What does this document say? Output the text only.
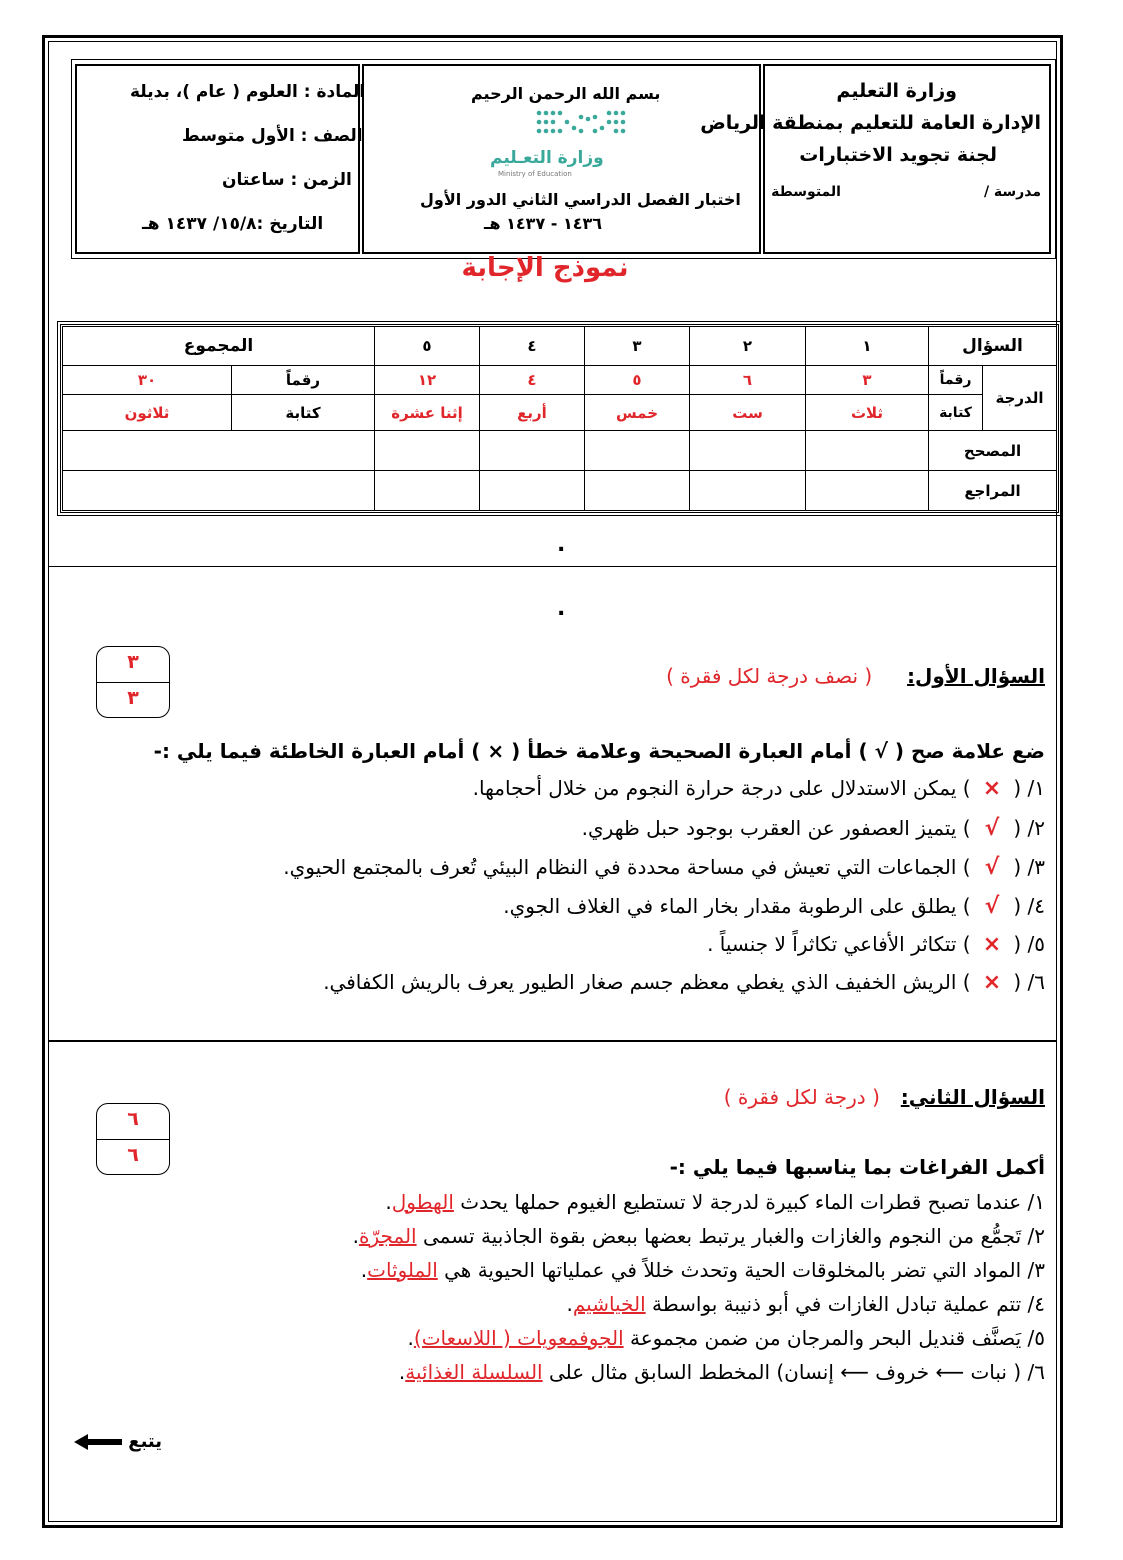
وزارة التعليم
الإدارة العامة للتعليم بمنطقة الرياض
لجنة تجويد الاختبارات
مدرسة /
المتوسطة
بسم الله الرحمن الرحيم
وزارة التعـليم
Ministry of Education
اختبار الفصل الدراسي الثاني الدور الأول
١٤٣٦ - ١٤٣٧ هـ
المادة : العلوم ( عام )، بديلة
الصف : الأول متوسط
الزمن : ساعتان
التاريخ :١٥/٨/ ١٤٣٧ هـ
نموذج الإجابة
السؤال
١
٢
٣
٤
٥
المجموع
الدرجة
رقماً
كتابة
٣
٦
٥
٤
١٢
رقماً
٣٠
ثلاث
ست
خمس
أربع
إثنا عشرة
كتابة
ثلاثون
المصحح
المراجع
.
.
٣
٣
السؤال الأول:     ( نصف درجة لكل فقرة )
ضع علامة صح ( √ ) أمام العبارة الصحيحة وعلامة خطأ ( × ) أمام العبارة الخاطئة فيما يلي :-
١/ ( × ) يمكن الاستدلال على درجة حرارة النجوم من خلال أحجامها.
٢/ ( √ ) يتميز العصفور عن العقرب بوجود حبل ظهري.
٣/ ( √ ) الجماعات التي تعيش في مساحة محددة في النظام البيئي تُعرف بالمجتمع الحيوي.
٤/ ( √ ) يطلق على الرطوبة مقدار بخار الماء في الغلاف الجوي.
٥/ ( × ) تتكاثر الأفاعي تكاثراً لا جنسياً .
٦/ ( × ) الريش الخفيف الذي يغطي معظم جسم صغار الطيور يعرف بالريش الكفافي.
٦
٦
السؤال الثاني:   ( درجة لكل فقرة )
أكمل الفراغات بما يناسبها فيما يلي :-
١/ عندما تصبح قطرات الماء كبيرة لدرجة لا تستطيع الغيوم حملها يحدث الهطول.
٢/ تَجمُّع من النجوم والغازات والغبار يرتبط بعضها ببعض بقوة الجاذبية تسمى المجرّة.
٣/ المواد التي تضر بالمخلوقات الحية وتحدث خللاً في عملياتها الحيوية هي الملوثات.
٤/ تتم عملية تبادل الغازات في أبو ذنيبة بواسطة الخياشيم.
٥/ يَصنَّف قنديل البحر والمرجان من ضمن مجموعة الجوفمعويات ( اللاسعات).
٦/ ( نبات ⟵ خروف ⟵ إنسان) المخطط السابق مثال على السلسلة الغذائية.
يتبع
